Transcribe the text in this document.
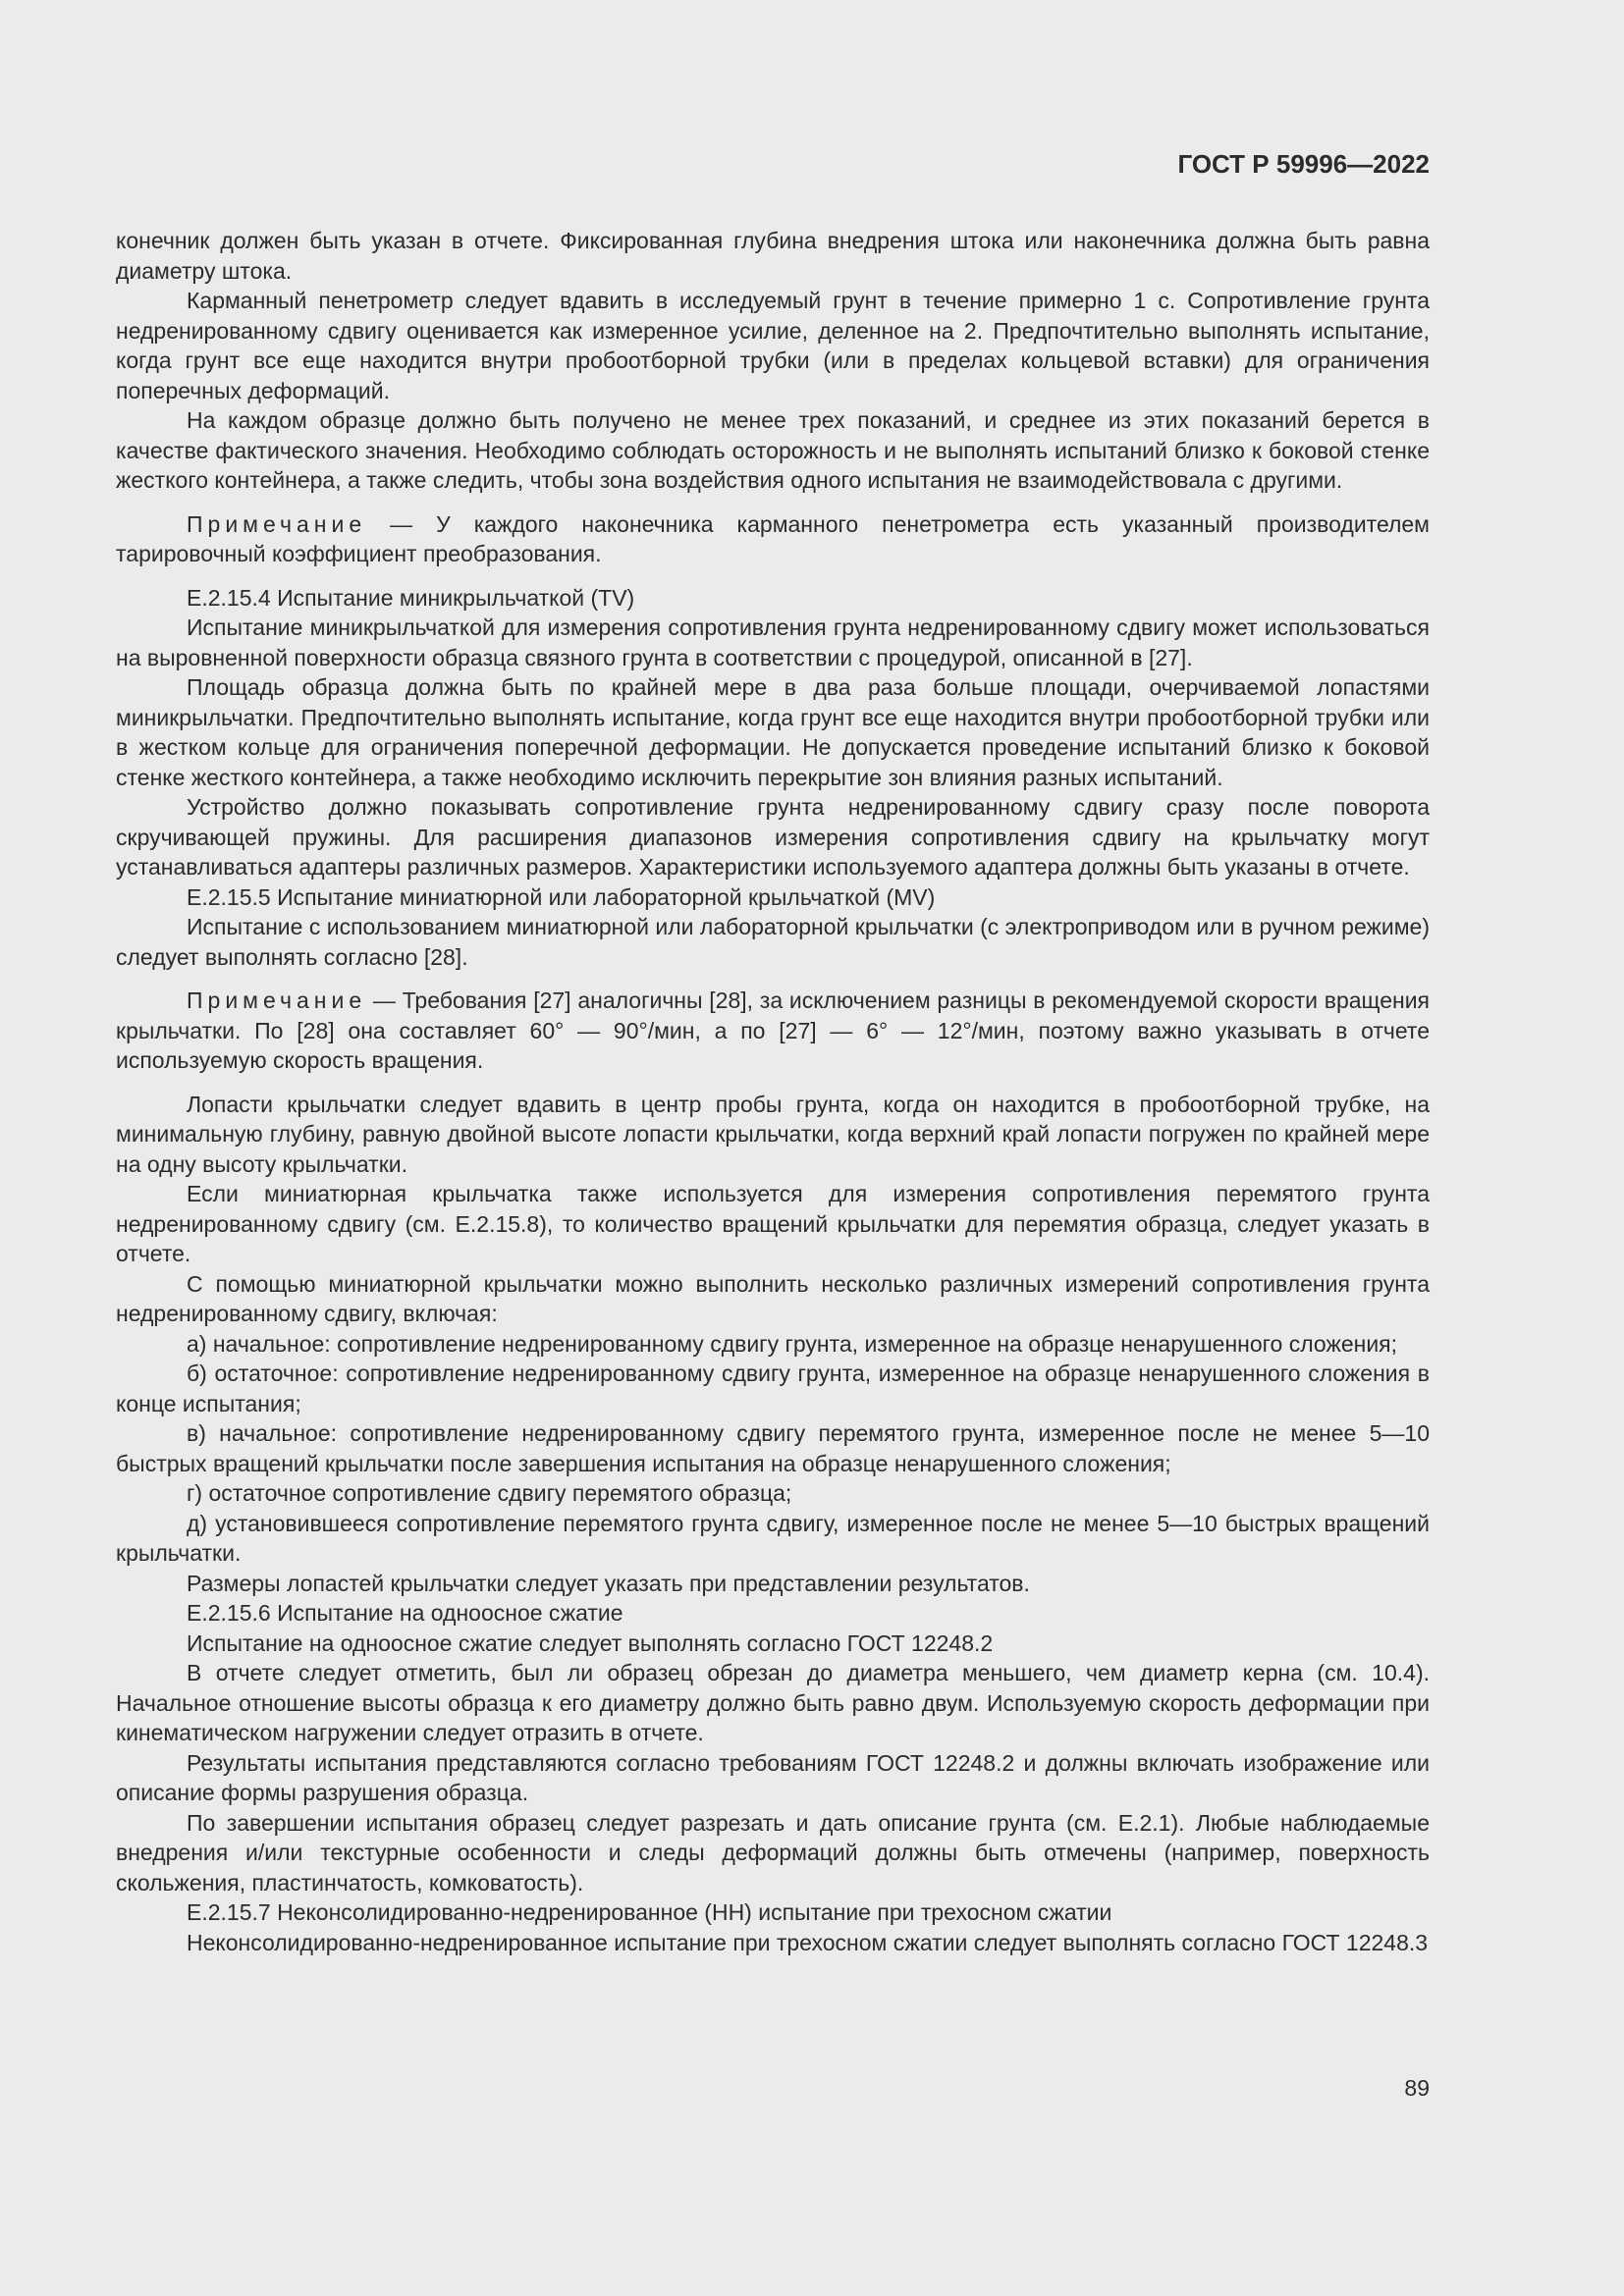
ГОСТ Р 59996—2022

конечник должен быть указан в отчете. Фиксированная глубина внедрения штока или наконечника должна быть равна диаметру штока.

Карманный пенетрометр следует вдавить в исследуемый грунт в течение примерно 1 с. Сопротивление грунта недренированному сдвигу оценивается как измеренное усилие, деленное на 2. Предпочтительно выполнять испытание, когда грунт все еще находится внутри пробоотборной трубки (или в пределах кольцевой вставки) для ограничения поперечных деформаций.

На каждом образце должно быть получено не менее трех показаний, и среднее из этих показаний берется в качестве фактического значения. Необходимо соблюдать осторожность и не выполнять испытаний близко к боковой стенке жесткого контейнера, а также следить, чтобы зона воздействия одного испытания не взаимодействовала с другими.

Примечание — У каждого наконечника карманного пенетрометра есть указанный производителем тарировочный коэффициент преобразования.

Е.2.15.4 Испытание миникрыльчаткой (TV)

Испытание миникрыльчаткой для измерения сопротивления грунта недренированному сдвигу может использоваться на выровненной поверхности образца связного грунта в соответствии с процедурой, описанной в [27].

Площадь образца должна быть по крайней мере в два раза больше площади, очерчиваемой лопастями миникрыльчатки. Предпочтительно выполнять испытание, когда грунт все еще находится внутри пробоотборной трубки или в жестком кольце для ограничения поперечной деформации. Не допускается проведение испытаний близко к боковой стенке жесткого контейнера, а также необходимо исключить перекрытие зон влияния разных испытаний.

Устройство должно показывать сопротивление грунта недренированному сдвигу сразу после поворота скручивающей пружины. Для расширения диапазонов измерения сопротивления сдвигу на крыльчатку могут устанавливаться адаптеры различных размеров. Характеристики используемого адаптера должны быть указаны в отчете.

Е.2.15.5 Испытание миниатюрной или лабораторной крыльчаткой (MV)

Испытание с использованием миниатюрной или лабораторной крыльчатки (с электроприводом или в ручном режиме) следует выполнять согласно [28].

Примечание — Требования [27] аналогичны [28], за исключением разницы в рекомендуемой скорости вращения крыльчатки. По [28] она составляет 60° — 90°/мин, а по [27] — 6° — 12°/мин, поэтому важно указывать в отчете используемую скорость вращения.

Лопасти крыльчатки следует вдавить в центр пробы грунта, когда он находится в пробоотборной трубке, на минимальную глубину, равную двойной высоте лопасти крыльчатки, когда верхний край лопасти погружен по крайней мере на одну высоту крыльчатки.

Если миниатюрная крыльчатка также используется для измерения сопротивления перемятого грунта недренированному сдвигу (см. Е.2.15.8), то количество вращений крыльчатки для перемятия образца, следует указать в отчете.

С помощью миниатюрной крыльчатки можно выполнить несколько различных измерений сопротивления грунта недренированному сдвигу, включая:

а) начальное: сопротивление недренированному сдвигу грунта, измеренное на образце ненарушенного сложения;

б) остаточное: сопротивление недренированному сдвигу грунта, измеренное на образце ненарушенного сложения в конце испытания;

в) начальное: сопротивление недренированному сдвигу перемятого грунта, измеренное после не менее 5—10 быстрых вращений крыльчатки после завершения испытания на образце ненарушенного сложения;

г) остаточное сопротивление сдвигу перемятого образца;

д) установившееся сопротивление перемятого грунта сдвигу, измеренное после не менее 5—10 быстрых вращений крыльчатки.

Размеры лопастей крыльчатки следует указать при представлении результатов.

Е.2.15.6 Испытание на одноосное сжатие

Испытание на одноосное сжатие следует выполнять согласно ГОСТ 12248.2

В отчете следует отметить, был ли образец обрезан до диаметра меньшего, чем диаметр керна (см. 10.4). Начальное отношение высоты образца к его диаметру должно быть равно двум. Используемую скорость деформации при кинематическом нагружении следует отразить в отчете.

Результаты испытания представляются согласно требованиям ГОСТ 12248.2 и должны включать изображение или описание формы разрушения образца.

По завершении испытания образец следует разрезать и дать описание грунта (см. Е.2.1). Любые наблюдаемые внедрения и/или текстурные особенности и следы деформаций должны быть отмечены (например, поверхность скольжения, пластинчатость, комковатость).

Е.2.15.7 Неконсолидированно-недренированное (НН) испытание при трехосном сжатии

Неконсолидированно-недренированное испытание при трехосном сжатии следует выполнять согласно ГОСТ 12248.3

89
